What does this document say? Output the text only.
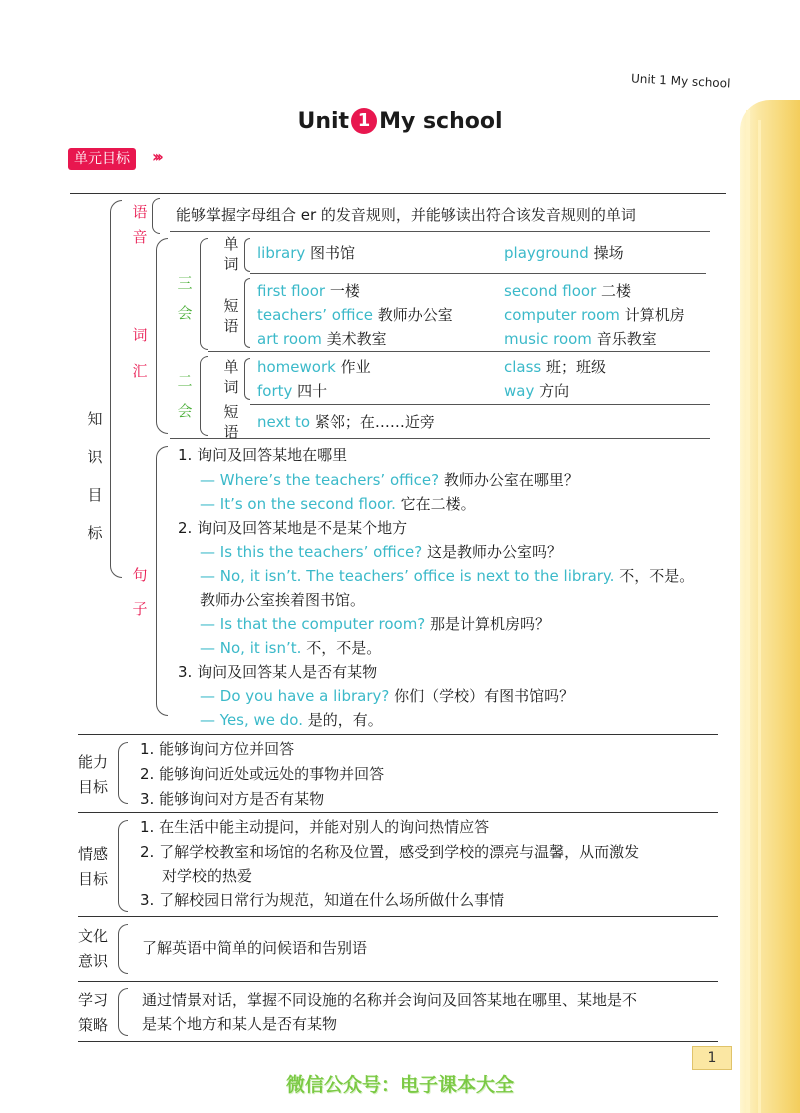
Unit 1 My school
Unit 1 My school
单元目标	›››
知
识
目
标
语
音
能够掌握字母组合 er 的发音规则，并能够读出符合该发音规则的单词
词
汇
三
会
单
词
library 图书馆	playground 操场
短
语
first floor 一楼	second floor 二楼
teachers’ office 教师办公室	computer room 计算机房
art room 美术教室	music room 音乐教室
二
会
单
词
homework 作业	class 班；班级
forty 四十	way 方向
短
语
next to 紧邻；在……近旁
句
子
1. 询问及回答某地在哪里
— Where’s the teachers’ office? 教师办公室在哪里？
— It’s on the second floor. 它在二楼。
2. 询问及回答某地是不是某个地方
— Is this the teachers’ office? 这是教师办公室吗？
— No, it isn’t. The teachers’ office is next to the library. 不，不是。
教师办公室挨着图书馆。
— Is that the computer room? 那是计算机房吗？
— No, it isn’t. 不，不是。
3. 询问及回答某人是否有某物
— Do you have a library? 你们（学校）有图书馆吗？
— Yes, we do. 是的，有。
能力
目标
1. 能够询问方位并回答
2. 能够询问近处或远处的事物并回答
3. 能够询问对方是否有某物
情感
目标
1. 在生活中能主动提问，并能对别人的询问热情应答
2. 了解学校教室和场馆的名称及位置，感受到学校的漂亮与温馨，从而激发
对学校的热爱
3. 了解校园日常行为规范，知道在什么场所做什么事情
文化
意识
了解英语中简单的问候语和告别语
学习
策略
通过情景对话，掌握不同设施的名称并会询问及回答某地在哪里、某地是不
是某个地方和某人是否有某物
1
微信公众号：电子课本大全
